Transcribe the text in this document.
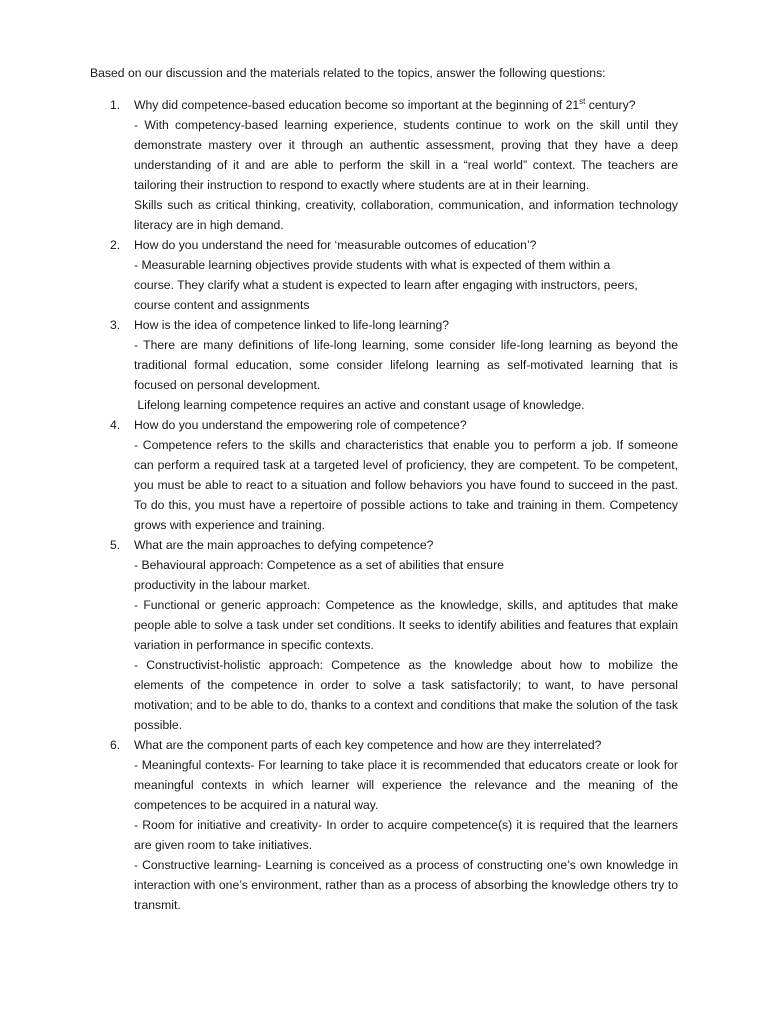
Based on our discussion and the materials related to the topics, answer the following questions:
1. Why did competence-based education become so important at the beginning of 21st century?
- With competency-based learning experience, students continue to work on the skill until they demonstrate mastery over it through an authentic assessment, proving that they have a deep understanding of it and are able to perform the skill in a “real world” context. The teachers are tailoring their instruction to respond to exactly where students are at in their learning.
Skills such as critical thinking, creativity, collaboration, communication, and information technology literacy are in high demand.
2. How do you understand the need for ‘measurable outcomes of education’?
- Measurable learning objectives provide students with what is expected of them within a
course. They clarify what a student is expected to learn after engaging with instructors, peers,
course content and assignments
3. How is the idea of competence linked to life-long learning?
- There are many definitions of life-long learning, some consider life-long learning as beyond the traditional formal education, some consider lifelong learning as self-motivated learning that is focused on personal development.
Lifelong learning competence requires an active and constant usage of knowledge.
4. How do you understand the empowering role of competence?
- Competence refers to the skills and characteristics that enable you to perform a job. If someone can perform a required task at a targeted level of proficiency, they are competent. To be competent, you must be able to react to a situation and follow behaviors you have found to succeed in the past. To do this, you must have a repertoire of possible actions to take and training in them. Competency grows with experience and training.
5. What are the main approaches to defying competence?
- Behavioural approach: Competence as a set of abilities that ensure
productivity in the labour market.
- Functional or generic approach: Competence as the knowledge, skills, and aptitudes that make people able to solve a task under set conditions. It seeks to identify abilities and features that explain variation in performance in specific contexts.
- Constructivist-holistic approach: Competence as the knowledge about how to mobilize the elements of the competence in order to solve a task satisfactorily; to want, to have personal motivation; and to be able to do, thanks to a context and conditions that make the solution of the task possible.
6. What are the component parts of each key competence and how are they interrelated?
- Meaningful contexts- For learning to take place it is recommended that educators create or look for meaningful contexts in which learner will experience the relevance and the meaning of the competences to be acquired in a natural way.
- Room for initiative and creativity- In order to acquire competence(s) it is required that the learners are given room to take initiatives.
- Constructive learning- Learning is conceived as a process of constructing one’s own knowledge in interaction with one’s environment, rather than as a process of absorbing the knowledge others try to transmit.
